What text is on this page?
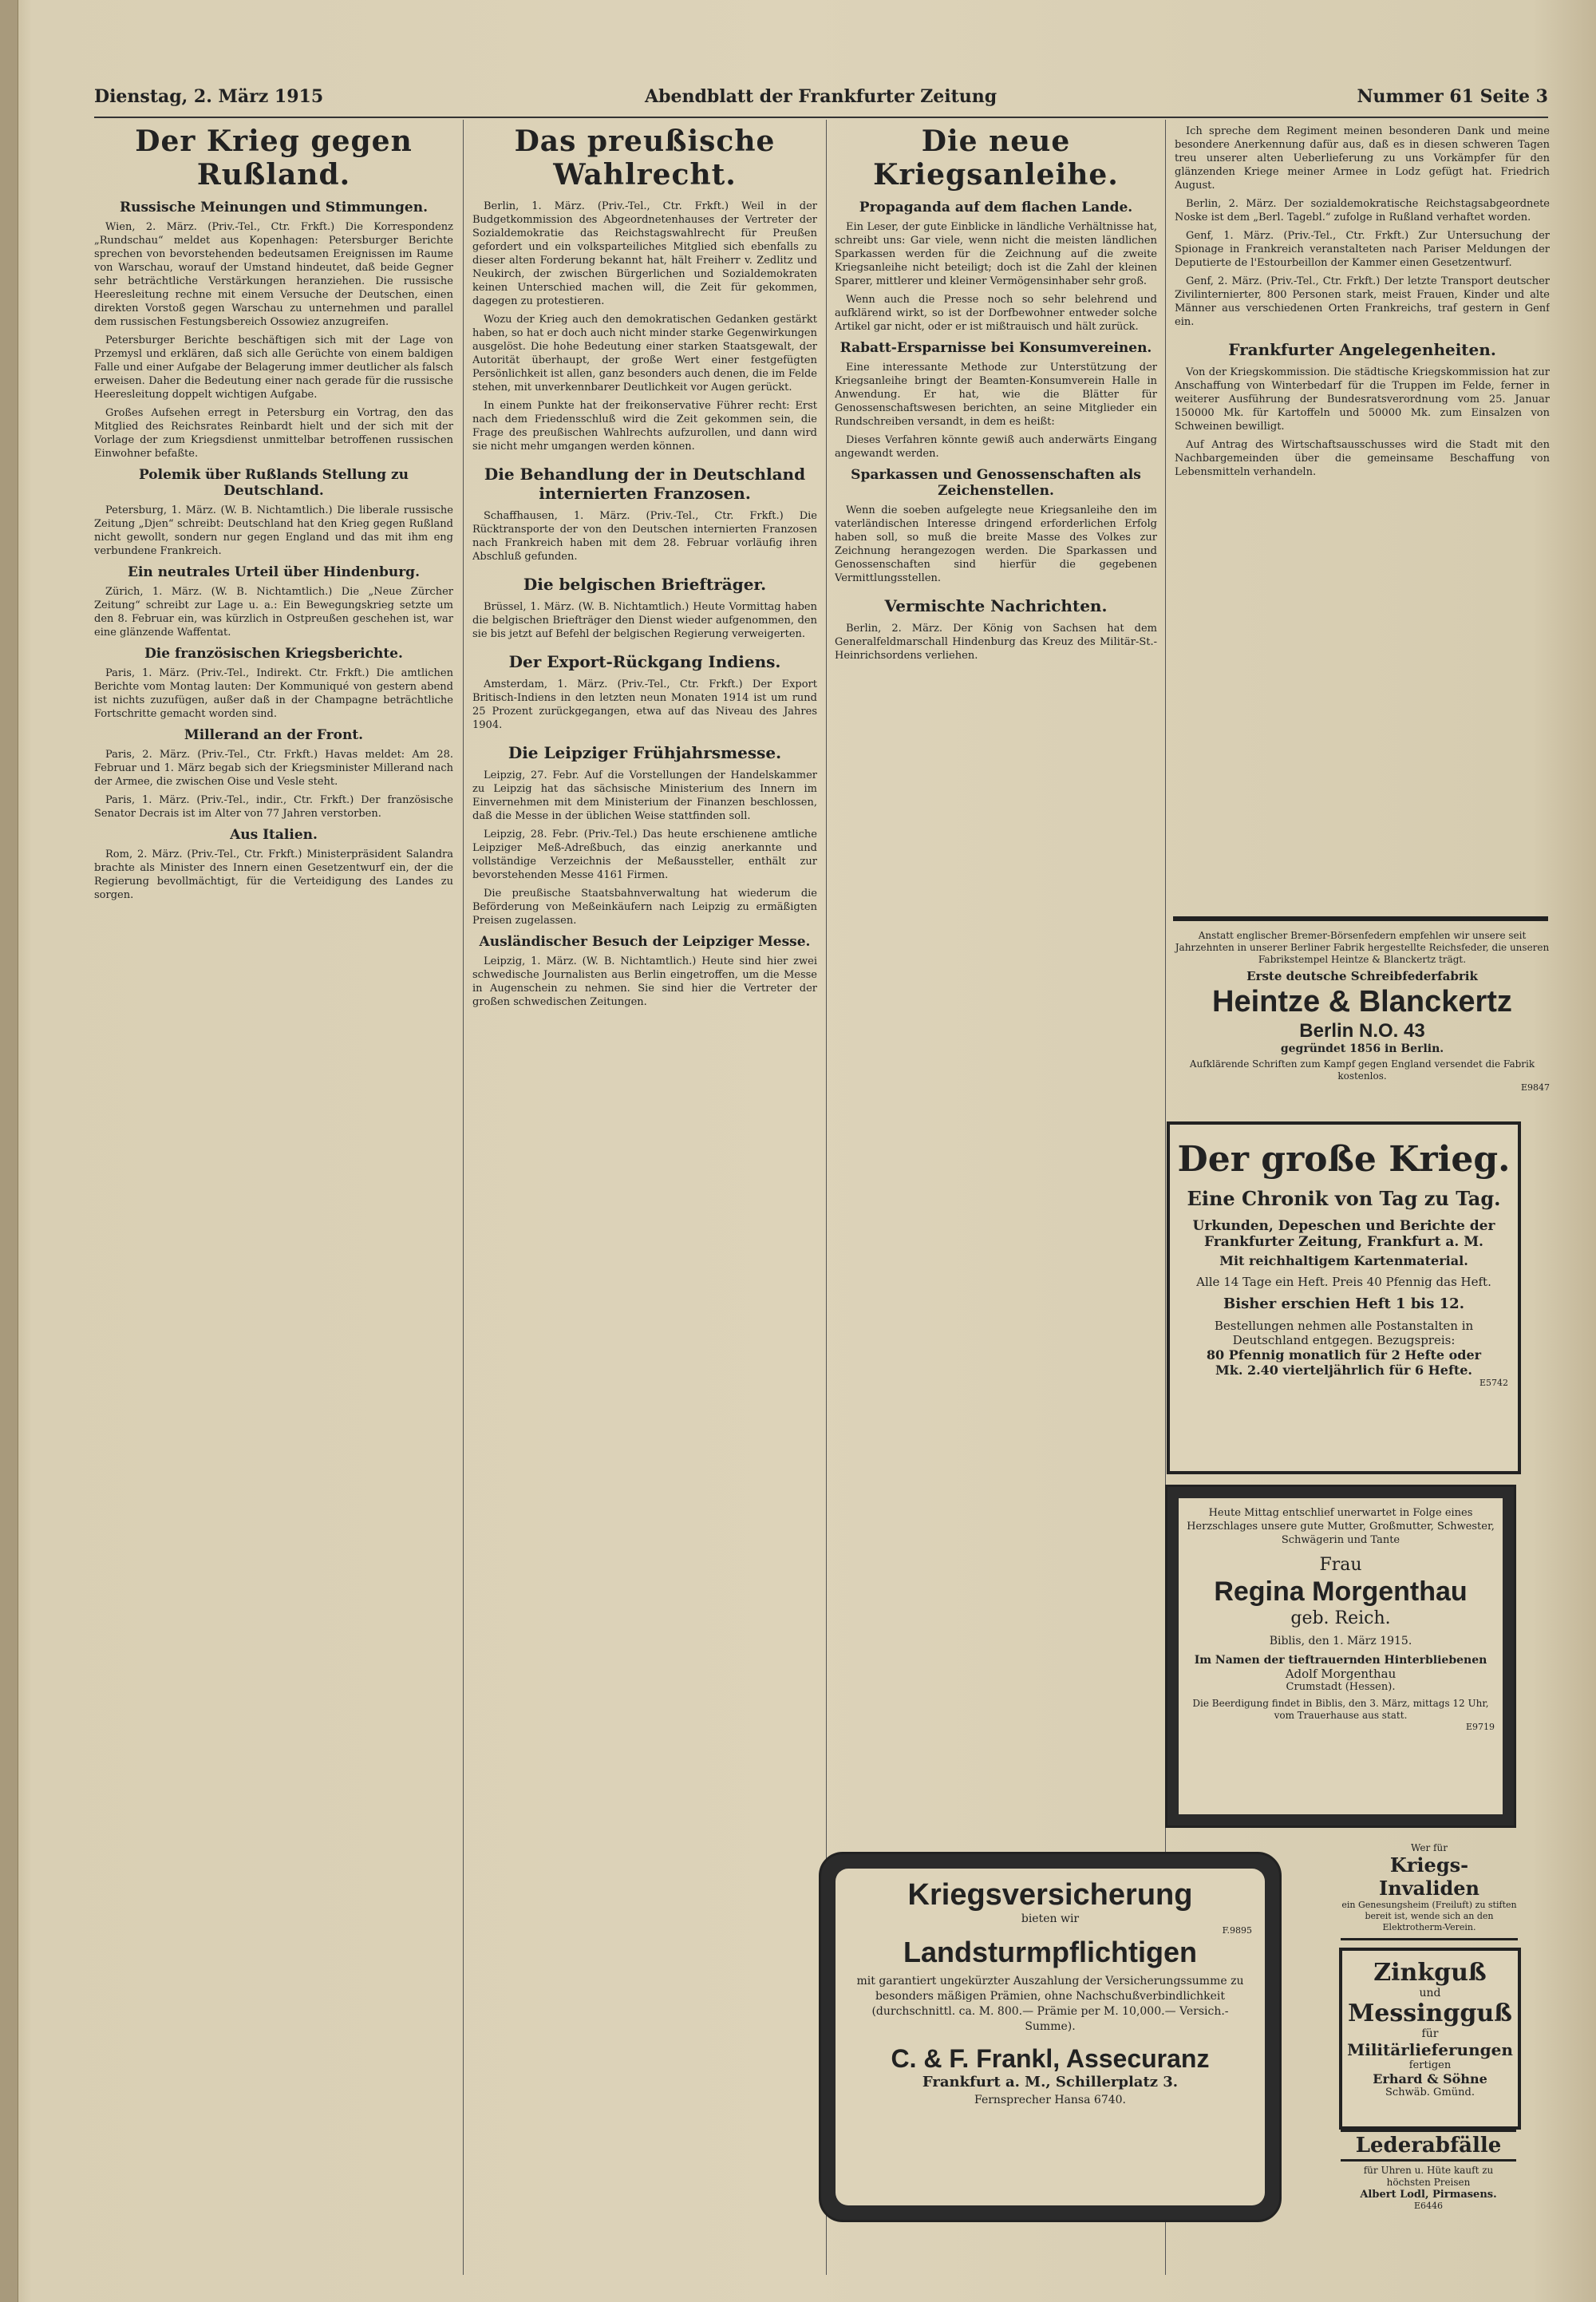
Dienstag, 2. März 1915	Abendblatt der Frankfurter Zeitung	Nummer 61 Seite 3
Der Krieg gegen Rußland.
Russische Meinungen und Stimmungen.

Wien, 2. März. (Priv.-Tel., Ctr. Frkft.) Die Korrespondenz „Rundschau“ meldet aus Kopenhagen: Petersburger Berichte sprechen von bevorstehenden bedeutsamen Ereignissen im Raume von Warschau, worauf der Umstand hindeutet, daß beide Gegner sehr beträchtliche Verstärkungen heranziehen. Die russische Heeresleitung rechne mit einem Versuche der Deutschen, einen direkten Vorstoß gegen Warschau zu unternehmen und parallel dem russischen Festungsbereich Ossowiez anzugreifen.

Petersburger Berichte beschäftigen sich mit der Lage von Przemysl und erklären, daß sich alle Gerüchte von einem baldigen Falle und einer Aufgabe der Belagerung immer deutlicher als falsch erweisen. Daher die Bedeutung einer nach gerade für die russische Heeresleitung doppelt wichtigen Aufgabe.

Großes Aufsehen erregt in Petersburg ein Vortrag, den das Mitglied des Reichsrates Reinbardt hielt und der sich mit der Vorlage der zum Kriegsdienst unmittelbar betroffenen russischen Einwohner befaßte.

Polemik über Rußlands Stellung zu Deutschland.

Petersburg, 1. März. (W. B. Nichtamtlich.) Die liberale russische Zeitung „Djen“ schreibt: Deutschland hat den Krieg gegen Rußland nicht gewollt, sondern nur gegen England und das mit ihm eng verbundene Frankreich.

Ein neutrales Urteil über Hindenburg.

Zürich, 1. März. (W. B. Nichtamtlich.) Die „Neue Zürcher Zeitung“ schreibt zur Lage u. a.: Ein Bewegungskrieg setzte um den 8. Februar ein, was kürzlich in Ostpreußen geschehen ist, war eine glänzende Waffentat.

Die französischen Kriegsberichte.

Paris, 1. März. (Priv.-Tel., Indirekt. Ctr. Frkft.) Die amtlichen Berichte vom Montag lauten: Der Kommuniqué von gestern abend ist nichts zuzufügen, außer daß in der Champagne beträchtliche Fortschritte gemacht worden sind.

Millerand an der Front.

Paris, 2. März. (Priv.-Tel., Ctr. Frkft.) Havas meldet: Am 28. Februar und 1. März begab sich der Kriegsminister Millerand nach der Armee, die zwischen Oise und Vesle steht.

Paris, 1. März. (Priv.-Tel., indir., Ctr. Frkft.) Der französische Senator Decrais ist im Alter von 77 Jahren verstorben.

Aus Italien.

Rom, 2. März. (Priv.-Tel., Ctr. Frkft.) Ministerpräsident Salandra brachte als Minister des Innern einen Gesetzentwurf ein, der die Regierung bevollmächtigt, für die Verteidigung des Landes zu sorgen.

Das preußische Wahlrecht.

Berlin, 1. März. (Priv.-Tel., Ctr. Frkft.) Weil in der Budgetkommission des Abgeordnetenhauses der Vertreter der Sozialdemokratie das Reichstagswahlrecht für Preußen gefordert und ein volksparteiliches Mitglied sich ebenfalls zu dieser alten Forderung bekannt hat, hält Freiherr v. Zedlitz und Neukirch, der zwischen Bürgerlichen und Sozialdemokraten keinen Unterschied machen will, die Zeit für gekommen, dagegen zu protestieren.

Wozu der Krieg auch den demokratischen Gedanken gestärkt haben, so hat er doch auch nicht minder starke Gegenwirkungen ausgelöst. Die hohe Bedeutung einer starken Staatsgewalt, der Autorität überhaupt, der große Wert einer festgefügten Persönlichkeit ist allen, ganz besonders auch denen, die im Felde stehen, mit unverkennbarer Deutlichkeit vor Augen gerückt.

In einem Punkte hat der freikonservative Führer recht: Erst nach dem Friedensschluß wird die Zeit gekommen sein, die Frage des preußischen Wahlrechts aufzurollen, und dann wird sie nicht mehr umgangen werden können.

Die Behandlung der in Deutschland internierten Franzosen.

Schaffhausen, 1. März. (Priv.-Tel., Ctr. Frkft.) Die Rücktransporte der von den Deutschen internierten Franzosen nach Frankreich haben mit dem 28. Februar vorläufig ihren Abschluß gefunden.

Die belgischen Briefträger.

Brüssel, 1. März. (W. B. Nichtamtlich.) Heute Vormittag haben die belgischen Briefträger den Dienst wieder aufgenommen, den sie bis jetzt auf Befehl der belgischen Regierung verweigerten.

Der Export-Rückgang Indiens.

Amsterdam, 1. März. (Priv.-Tel., Ctr. Frkft.) Der Export Britisch-Indiens in den letzten neun Monaten 1914 ist um rund 25 Prozent zurückgegangen, etwa auf das Niveau des Jahres 1904.

Die Leipziger Frühjahrsmesse.

Leipzig, 27. Febr. Auf die Vorstellungen der Handelskammer zu Leipzig hat das sächsische Ministerium des Innern im Einvernehmen mit dem Ministerium der Finanzen beschlossen, daß die Messe in der üblichen Weise stattfinden soll.

Leipzig, 28. Febr. (Priv.-Tel.) Das heute erschienene amtliche Leipziger Meß-Adreßbuch, das einzig anerkannte und vollständige Verzeichnis der Meßaussteller, enthält zur bevorstehenden Messe 4161 Firmen.

Die preußische Staatsbahnverwaltung hat wiederum die Beförderung von Meßeinkäufern nach Leipzig zu ermäßigten Preisen zugelassen.

Ausländischer Besuch der Leipziger Messe.

Leipzig, 1. März. (W. B. Nichtamtlich.) Heute sind hier zwei schwedische Journalisten aus Berlin eingetroffen, um die Messe in Augenschein zu nehmen. Sie sind hier die Vertreter der großen schwedischen Zeitungen.

Die neue Kriegsanleihe.
Propaganda auf dem flachen Lande.

Ein Leser, der gute Einblicke in ländliche Verhältnisse hat, schreibt uns: Gar viele, wenn nicht die meisten ländlichen Sparkassen werden für die Zeichnung auf die zweite Kriegsanleihe nicht beteiligt; doch ist die Zahl der kleinen Sparer, mittlerer und kleiner Vermögensinhaber sehr groß.

Wenn auch die Presse noch so sehr belehrend und aufklärend wirkt, so ist der Dorfbewohner entweder solche Artikel gar nicht, oder er ist mißtrauisch und hält zurück.

Rabatt-Ersparnisse bei Konsumvereinen.

Eine interessante Methode zur Unterstützung der Kriegsanleihe bringt der Beamten-Konsumverein Halle in Anwendung. Er hat, wie die Blätter für Genossenschaftswesen berichten, an seine Mitglieder ein Rundschreiben versandt, in dem es heißt:

Dieses Verfahren könnte gewiß auch anderwärts Eingang angewandt werden.

Sparkassen und Genossenschaften als Zeichenstellen.

Wenn die soeben aufgelegte neue Kriegsanleihe den im vaterländischen Interesse dringend erforderlichen Erfolg haben soll, so muß die breite Masse des Volkes zur Zeichnung herangezogen werden. Die Sparkassen und Genossenschaften sind hierfür die gegebenen Vermittlungsstellen.

Vermischte Nachrichten.

Berlin, 2. März. Der König von Sachsen hat dem Generalfeldmarschall Hindenburg das Kreuz des Militär-St.-Heinrichsordens verliehen.

Ich spreche dem Regiment meinen besonderen Dank und meine besondere Anerkennung dafür aus, daß es in diesen schweren Tagen treu unserer alten Ueberlieferung zu uns Vorkämpfer für den glänzenden Kriege meiner Armee in Lodz gefügt hat. Friedrich August.

Berlin, 2. März. Der sozialdemokratische Reichstagsabgeordnete Noske ist dem „Berl. Tagebl.“ zufolge in Rußland verhaftet worden.

Genf, 1. März. (Priv.-Tel., Ctr. Frkft.) Zur Untersuchung der Spionage in Frankreich veranstalteten nach Pariser Meldungen der Deputierte de l'Estourbeillon der Kammer einen Gesetzentwurf.

Genf, 2. März. (Priv.-Tel., Ctr. Frkft.) Der letzte Transport deutscher Zivilinternierter, 800 Personen stark, meist Frauen, Kinder und alte Männer aus verschiedenen Orten Frankreichs, traf gestern in Genf ein.

Frankfurter Angelegenheiten.

Von der Kriegskommission. Die städtische Kriegskommission hat zur Anschaffung von Winterbedarf für die Truppen im Felde, ferner in weiterer Ausführung der Bundesratsverordnung vom 25. Januar 150000 Mk. für Kartoffeln und 50000 Mk. zum Einsalzen von Schweinen bewilligt.

Auf Antrag des Wirtschaftsausschusses wird die Stadt mit den Nachbargemeinden über die gemeinsame Beschaffung von Lebensmitteln verhandeln.

Anstatt englischer Bremer-Börsenfedern empfehlen wir unsere seit Jahrzehnten in unserer Berliner Fabrik hergestellte Reichsfeder, die unseren Fabrikstempel Heintze & Blanckertz trägt.
Erste deutsche Schreibfederfabrik
Heintze & Blanckertz
Berlin N.O. 43
gegründet 1856 in Berlin.
Aufklärende Schriften zum Kampf gegen England versendet die Fabrik kostenlos.
E9847
Der große Krieg.
Eine Chronik von Tag zu Tag.
Urkunden, Depeschen und Berichte der
Frankfurter Zeitung, Frankfurt a. M.
Mit reichhaltigem Kartenmaterial.
Alle 14 Tage ein Heft. Preis 40 Pfennig das Heft.
Bisher erschien Heft 1 bis 12.
Bestellungen nehmen alle Postanstalten in Deutschland entgegen. Bezugspreis:
80 Pfennig monatlich für 2 Hefte oder
Mk. 2.40 vierteljährlich für 6 Hefte.
E5742
Heute Mittag entschlief unerwartet in Folge eines Herzschlages unsere gute Mutter, Großmutter, Schwester, Schwägerin und Tante
Frau
Regina Morgenthau
geb. Reich.
Biblis, den 1. März 1915.
Im Namen der tieftrauernden Hinterbliebenen
Adolf Morgenthau
Crumstadt (Hessen).
Die Beerdigung findet in Biblis, den 3. März, mittags 12 Uhr, vom Trauerhause aus statt.
E9719
Kriegsversicherung
bieten wir
F.9895
Landsturmpflichtigen
mit garantiert ungekürzter Auszahlung der Versicherungssumme zu besonders mäßigen Prämien, ohne Nachschußverbindlichkeit (durchschnittl. ca. M. 800.— Prämie per M. 10,000.— Versich.-Summe).
C. & F. Frankl, Assecuranz
Frankfurt a. M., Schillerplatz 3.
Fernsprecher Hansa 6740.
Wer für
Kriegs-Invaliden
ein Genesungsheim (Freiluft) zu stiften bereit ist, wende sich an den Elektrotherm-Verein.
Zinkguß
und
Messingguß
für
Militärlieferungen
fertigen
Erhard & Söhne
Schwäb. Gmünd.
Lederabfälle
für Uhren u. Hüte kauft zu höchsten Preisen
Albert Lodl, Pirmasens.
E6446
